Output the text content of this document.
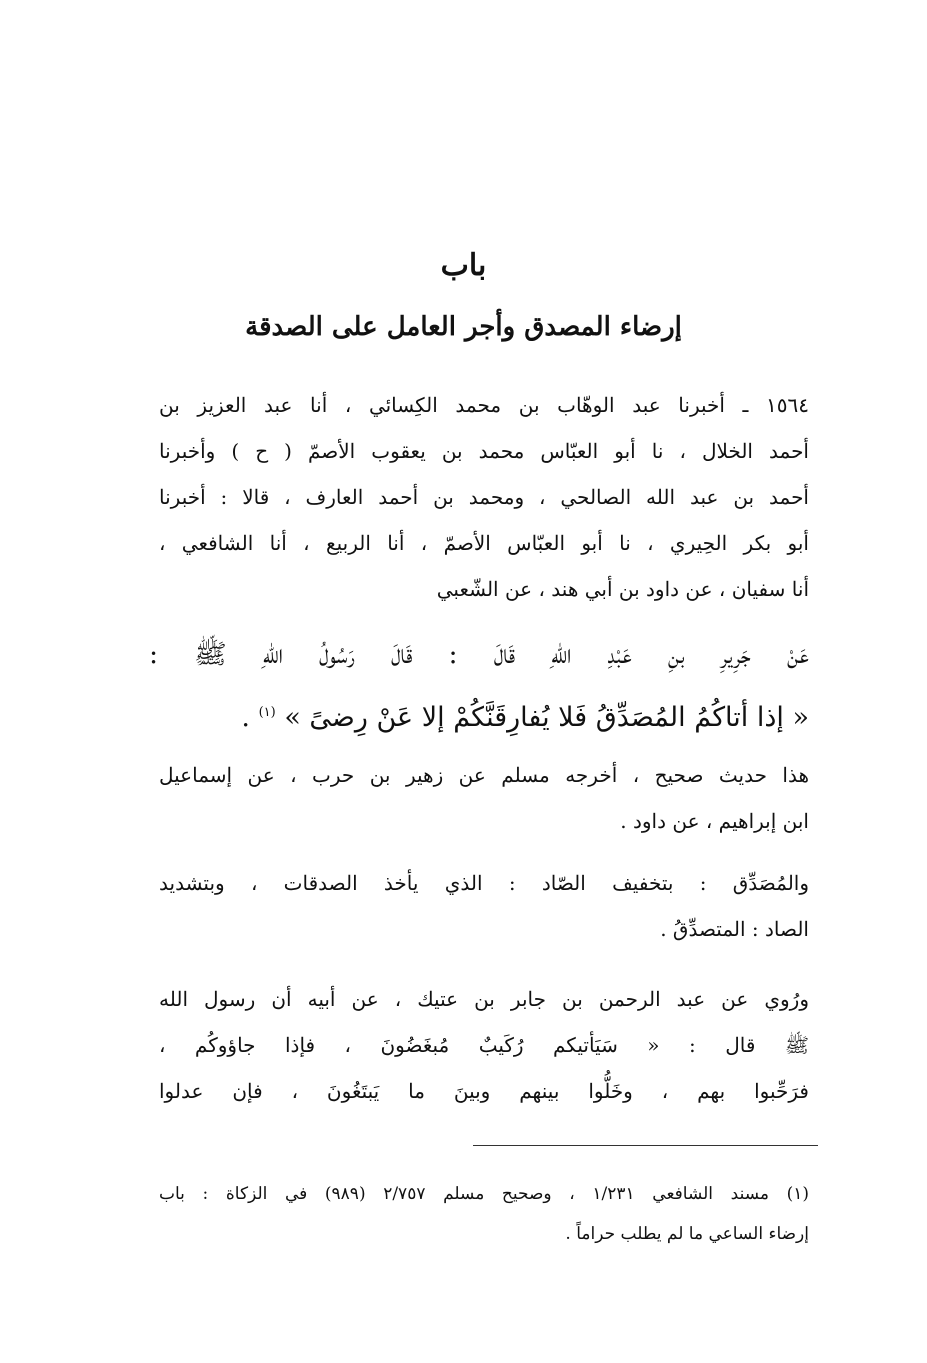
باب
إرضاء المصدق وأجر العامل على الصدقة
١٥٦٤ ـ أخبرنا عبد الوهّاب بن محمد الكِسائي ، أنا عبد العزيز بن
أحمد الخلال ، نا أبو العبّاس محمد بن يعقوب الأصمّ ( ح ) وأخبرنا
أحمد بن عبد الله الصالحي ، ومحمد بن أحمد العارف ، قالا : أخبرنا
أبو بكر الحِيري ، نا أبو العبّاس الأصمّ ، أنا الربيع ، أنا الشافعي ،
أنا سفيان ، عن داود بن أبي هند ، عن الشّعبي
عَنْ جَرِيرِ بنِ عَبْدِ اللهِ قَالَ : قَالَ رَسُولُ اللهِ ﷺ :
« إذا أتاكُمُ المُصَدِّقُ فَلا يُفارِقَنَّكُمْ إلا عَنْ رِضىً » $^{(١)}$ .
هذا حديث صحيح ، أخرجه مسلم عن زهير بن حرب ، عن إسماعيل
ابن إبراهيم ، عن داود .
والمُصَدِّق : بتخفيف الصّاد : الذي يأخذ الصدقات ، وبتشديد
الصاد : المتصدِّقُ .
ورُوي عن عبد الرحمن بن جابر بن عتيك ، عن أبيه أن رسول الله
ﷺ قال : « سَيَأتيكم رُكَيبٌ مُبغَضُونَ ، فإذا جاؤوكُم ،
فرَحِّبوا بهم ، وخَلُّوا بينهم وبينَ ما يَبتَغُونَ ، فإن عدلوا
(١) مسند الشافعي ١/٢٣١ ، وصحيح مسلم ٢/٧٥٧ (٩٨٩) في الزكاة : باب
إرضاء الساعي ما لم يطلب حراماً .
